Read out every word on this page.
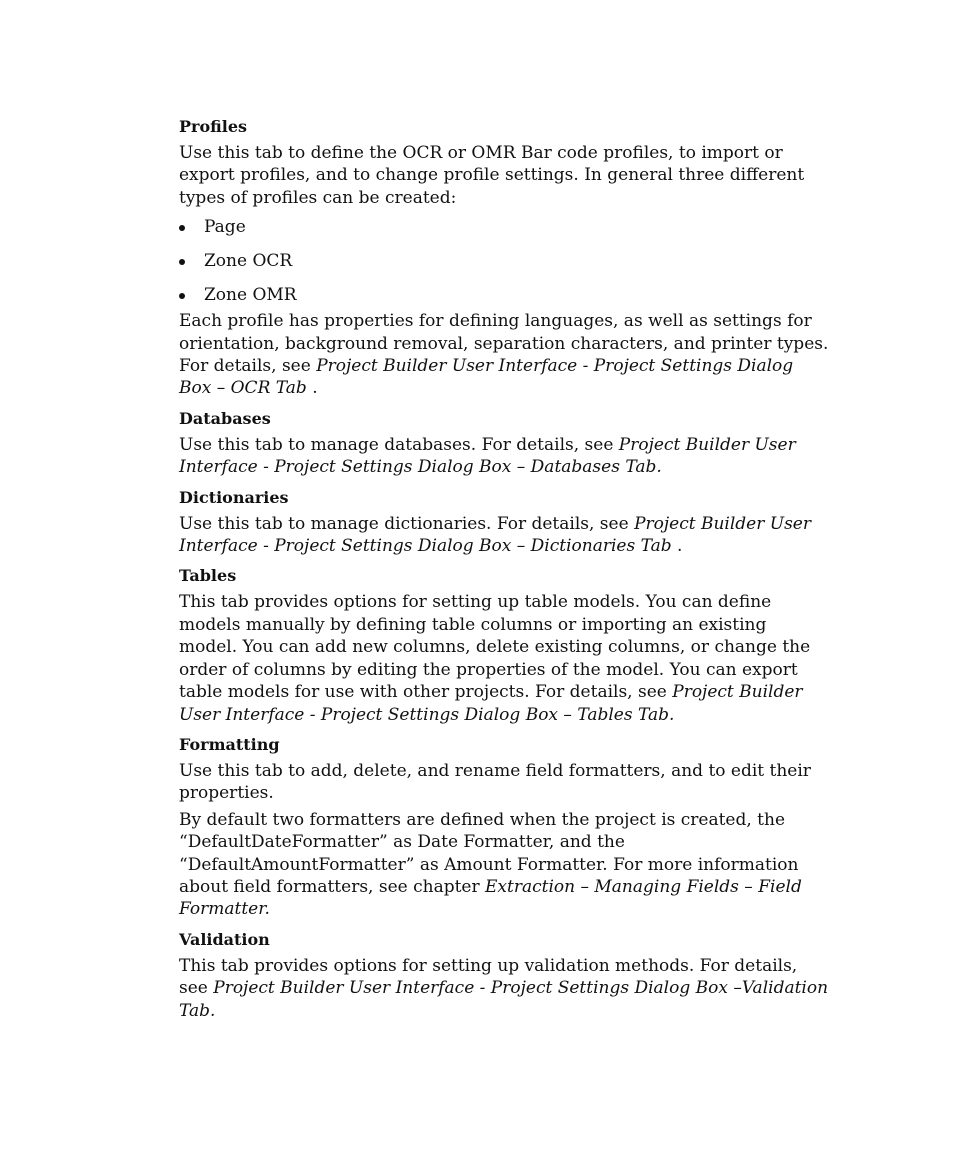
Profiles

Use this tab to define the OCR or OMR Bar code profiles, to import or export profiles, and to change profile settings. In general three different types of profiles can be created:

Page
Zone OCR
Zone OMR

Each profile has properties for defining languages, as well as settings for orientation, background removal, separation characters, and printer types. For details, see Project Builder User Interface - Project Settings Dialog Box – OCR Tab .

Databases

Use this tab to manage databases. For details, see Project Builder User Interface - Project Settings Dialog Box – Databases Tab.

Dictionaries

Use this tab to manage dictionaries. For details, see Project Builder User Interface - Project Settings Dialog Box – Dictionaries Tab .

Tables

This tab provides options for setting up table models. You can define models manually by defining table columns or importing an existing model. You can add new columns, delete existing columns, or change the order of columns by editing the properties of the model. You can export table models for use with other projects. For details, see Project Builder User Interface - Project Settings Dialog Box – Tables Tab.

Formatting

Use this tab to add, delete, and rename field formatters, and to edit their properties.

By default two formatters are defined when the project is created, the “DefaultDateFormatter” as Date Formatter, and the “DefaultAmountFormatter” as Amount Formatter. For more information about field formatters, see chapter Extraction – Managing Fields – Field Formatter.

Validation

This tab provides options for setting up validation methods. For details, see Project Builder User Interface - Project Settings Dialog Box –Validation Tab.
